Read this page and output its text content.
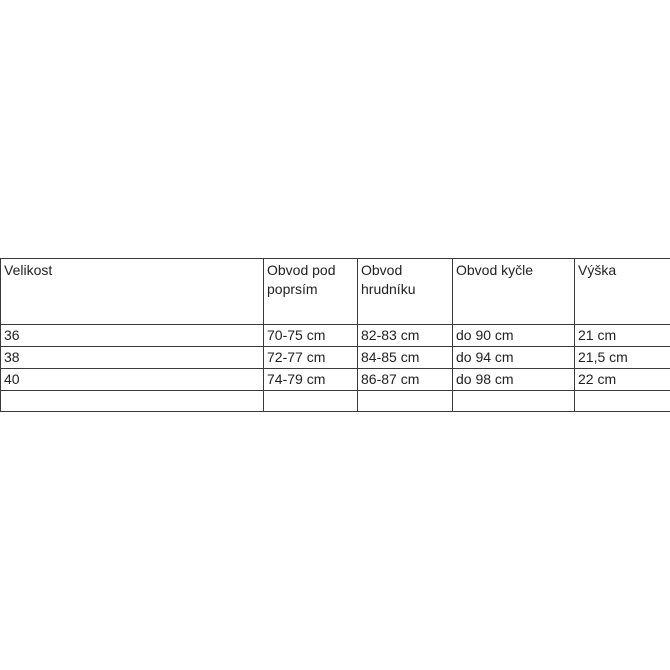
Velikost	Obvod pod poprsím	Obvod hrudníku	Obvod kyčle	Výška

36	70-75 cm	82-83 cm	do 90 cm	21 cm

38	72-77 cm	84-85 cm	do 94 cm	21,5 cm

40	74-79 cm	86-87 cm	do 98 cm	22 cm
